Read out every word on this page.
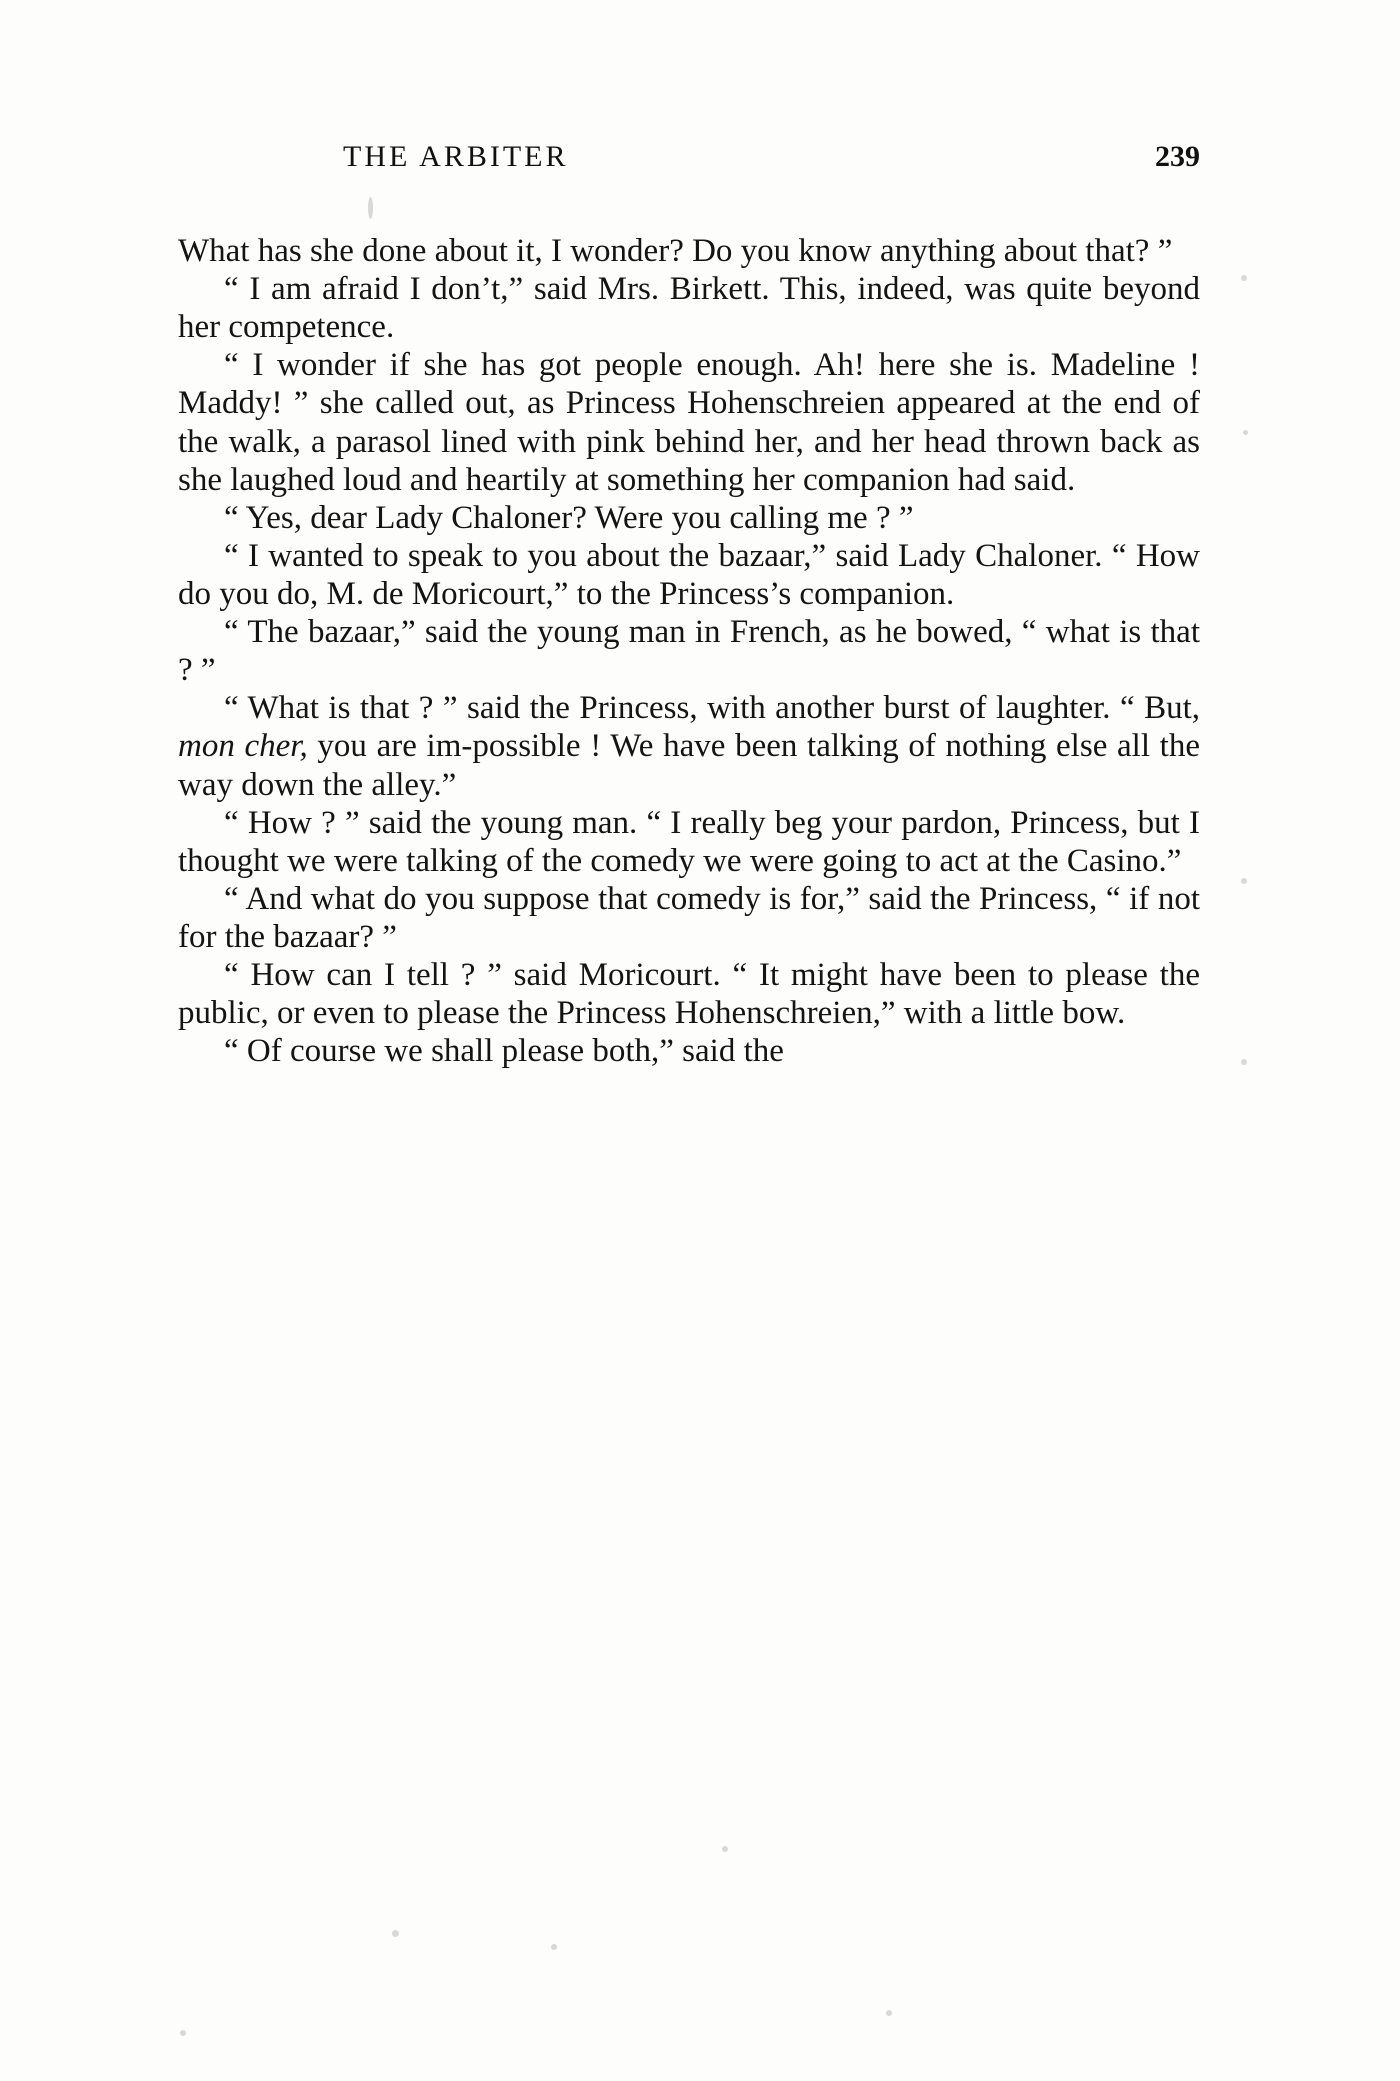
THE ARBITER	239

What has she done about it, I wonder? Do you know anything about that? ”

“ I am afraid I don’t,” said Mrs. Birkett. This, indeed, was quite beyond her competence.

“ I wonder if she has got people enough. Ah! here she is. Madeline ! Maddy! ” she called out, as Princess Hohenschreien appeared at the end of the walk, a parasol lined with pink behind her, and her head thrown back as she laughed loud and heartily at something her companion had said.

“ Yes, dear Lady Chaloner? Were you calling me ? ”

“ I wanted to speak to you about the bazaar,” said Lady Chaloner. “ How do you do, M. de Moricourt,” to the Princess’s companion.

“ The bazaar,” said the young man in French, as he bowed, “ what is that ? ”

“ What is that ? ” said the Princess, with another burst of laughter. “ But, mon cher, you are im-possible ! We have been talking of nothing else all the way down the alley.”

“ How ? ” said the young man. “ I really beg your pardon, Princess, but I thought we were talking of the comedy we were going to act at the Casino.”

“ And what do you suppose that comedy is for,” said the Princess, “ if not for the bazaar? ”

“ How can I tell ? ” said Moricourt. “ It might have been to please the public, or even to please the Princess Hohenschreien,” with a little bow.

“ Of course we shall please both,” said the
